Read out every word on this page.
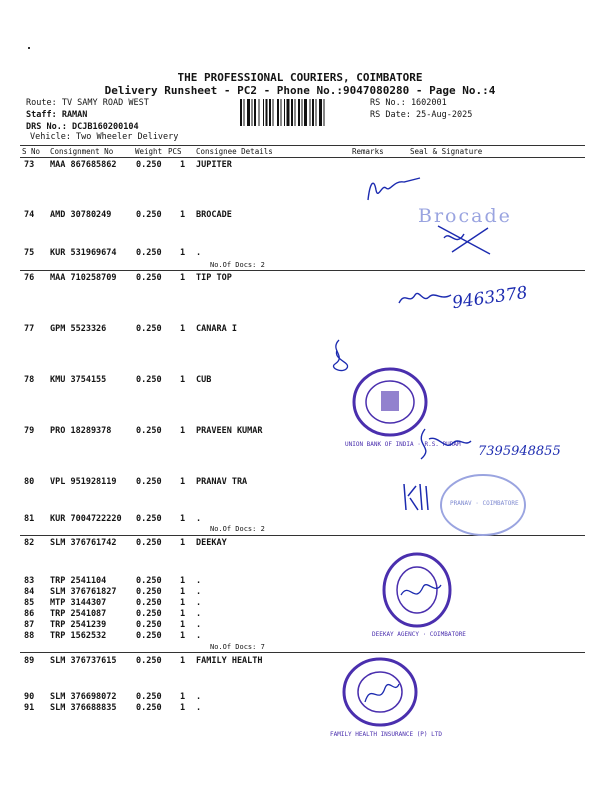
THE PROFESSIONAL COURIERS, COIMBATORE
Delivery Runsheet - PC2 - Phone No.:9047080280 - Page No.:4
Route: TV SAMY ROAD WEST
Staff: RAMAN
DRS No.: DCJB160200104
Vehicle: Two Wheeler Delivery
RS No.: 1602001
RS Date: 25-Aug-2025
S No Consignment No	Weight PCS Consignee Details	Remarks	Seal & Signature
73 MAA 867685862 0.250 1 JUPITER
74 AMD 30780249	0.250 1 BROCADE
75 KUR 531969674 0.250 1 .
76 MAA 710258709 0.250 1 TIP TOP
77 GPM 5523326	0.250 1 CANARA I
78 KMU 3754155	0.250 1 CUB
79 PRO 18289378	0.250 1 PRAVEEN KUMAR
80 VPL 951928119 0.250 1 PRANAV TRA
81 KUR 7004722220 0.250 1 .
82 SLM 376761742 0.250 1 DEEKAY
83 TRP 2541104	0.250 1 .
84 SLM 376761827 0.250 1 .
85 MTP 3144307	0.250 1 .
86 TRP 2541087	0.250 1 .
87 TRP 2541239	0.250 1 .
88 TRP 1562532	0.250 1 .
89 SLM 376737615 0.250 1 FAMILY HEALTH
90 SLM 376698072 0.250 1 .
91 SLM 376688835 0.250 1 .
No.Of Docs: 2
No.Of Docs: 2
No.Of Docs: 7
Brocade
9463378
UNION BANK OF INDIA · R.S. PURAM 7395948855
PRANAV · COIMBATORE
DEEKAY AGENCY · COIMBATORE
FAMILY HEALTH INSURANCE (P) LTD
